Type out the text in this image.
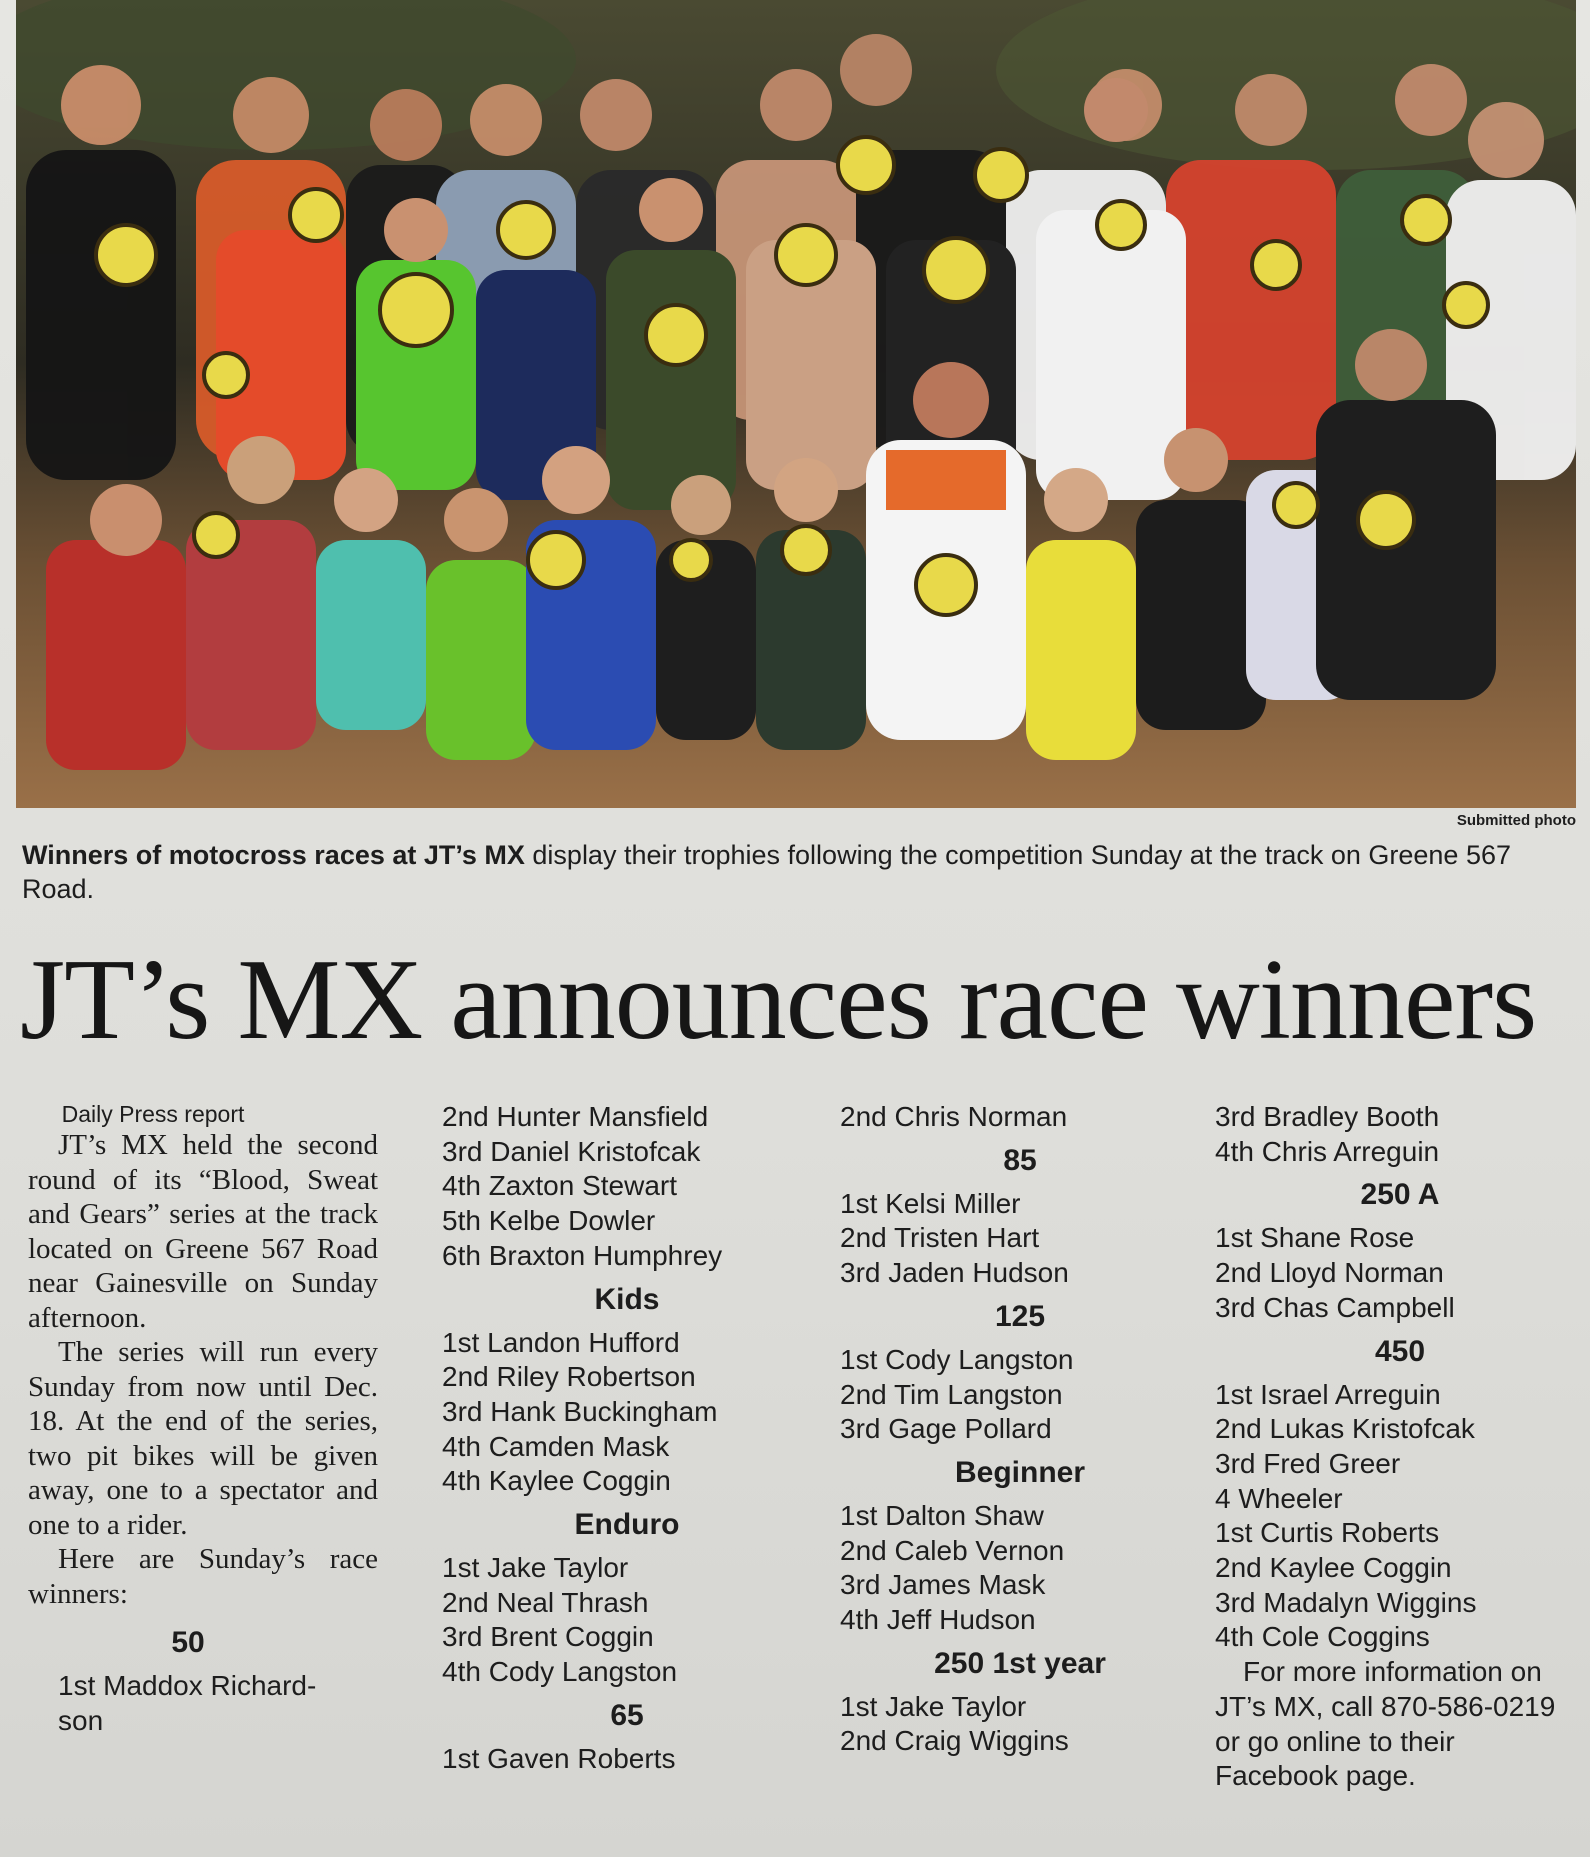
Submitted photo
Winners of motocross races at JT’s MX display their trophies following the competition Sunday at the track on Greene 567 Road.
JT’s MX announces race winners
Daily Press report

JT’s MX held the second round of its “Blood, Sweat and Gears” series at the track located on Greene 567 Road near Gainesville on Sunday afternoon.

The series will run every Sunday from now until Dec. 18. At the end of the series, two pit bikes will be given away, one to a spectator and one to a rider.

Here are Sunday’s race winners:

50
1st Maddox Richard-
son
2nd Hunter Mansfield
3rd Daniel Kristofcak
4th Zaxton Stewart
5th Kelbe Dowler
6th Braxton Humphrey
Kids
1st Landon Hufford
2nd Riley Robertson
3rd Hank Buckingham
4th Camden Mask
4th Kaylee Coggin
Enduro
1st Jake Taylor
2nd Neal Thrash
3rd Brent Coggin
4th Cody Langston
65
1st Gaven Roberts
2nd Chris Norman
85
1st Kelsi Miller
2nd Tristen Hart
3rd Jaden Hudson
125
1st Cody Langston
2nd Tim Langston
3rd Gage Pollard
Beginner
1st Dalton Shaw
2nd Caleb Vernon
3rd James Mask
4th Jeff Hudson
250 1st year
1st Jake Taylor
2nd Craig Wiggins
3rd Bradley Booth
4th Chris Arreguin
250 A
1st Shane Rose
2nd Lloyd Norman
3rd Chas Campbell
450
1st Israel Arreguin
2nd Lukas Kristofcak
3rd Fred Greer
4 Wheeler
1st Curtis Roberts
2nd Kaylee Coggin
3rd Madalyn Wiggins
4th Cole Coggins
For more information on JT’s MX, call 870-586-0219 or go online to their Facebook page.
